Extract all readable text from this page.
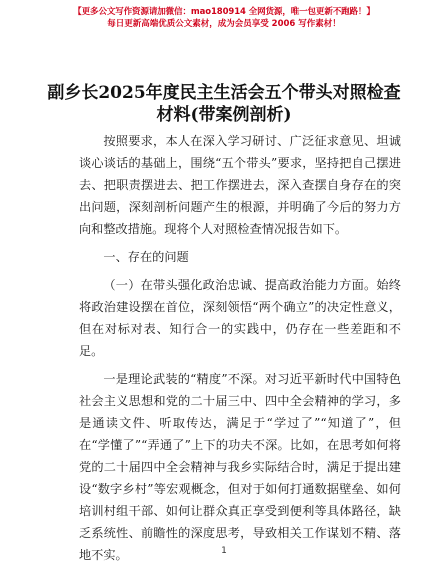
【更多公文写作资源请加微信：mao180914 全网货源，唯一包更新不跑路！】
每日更新高端优质公文素材，成为会员享受 2006 写作素材！
副乡长2025年度民主生活会五个带头对照检查
材料(带案例剖析)

按照要求，本人在深入学习研讨、广泛征求意见、坦诚谈心谈话的基础上，围绕“五个带头”要求，坚持把自己摆进去、把职责摆进去、把工作摆进去，深入查摆自身存在的突出问题，深刻剖析问题产生的根源，并明确了今后的努力方向和整改措施。现将个人对照检查情况报告如下。

一、存在的问题

（一）在带头强化政治忠诚、提高政治能力方面。始终将政治建设摆在首位，深刻领悟“两个确立”的决定性意义，但在对标对表、知行合一的实践中，仍存在一些差距和不足。

一是理论武装的“精度”不深。对习近平新时代中国特色社会主义思想和党的二十届三中、四中全会精神的学习，多是通读文件、听取传达，满足于“学过了”“知道了”，但在“学懂了”“弄通了”上下的功夫不深。比如，在思考如何将党的二十届四中全会精神与我乡实际结合时，满足于提出建设“数字乡村”等宏观概念，但对于如何打通数据壁垒、如何培训村组干部、如何让群众真正享受到便利等具体路径，缺乏系统性、前瞻性的深度思考，导致相关工作谋划不精、落地不实。	1
